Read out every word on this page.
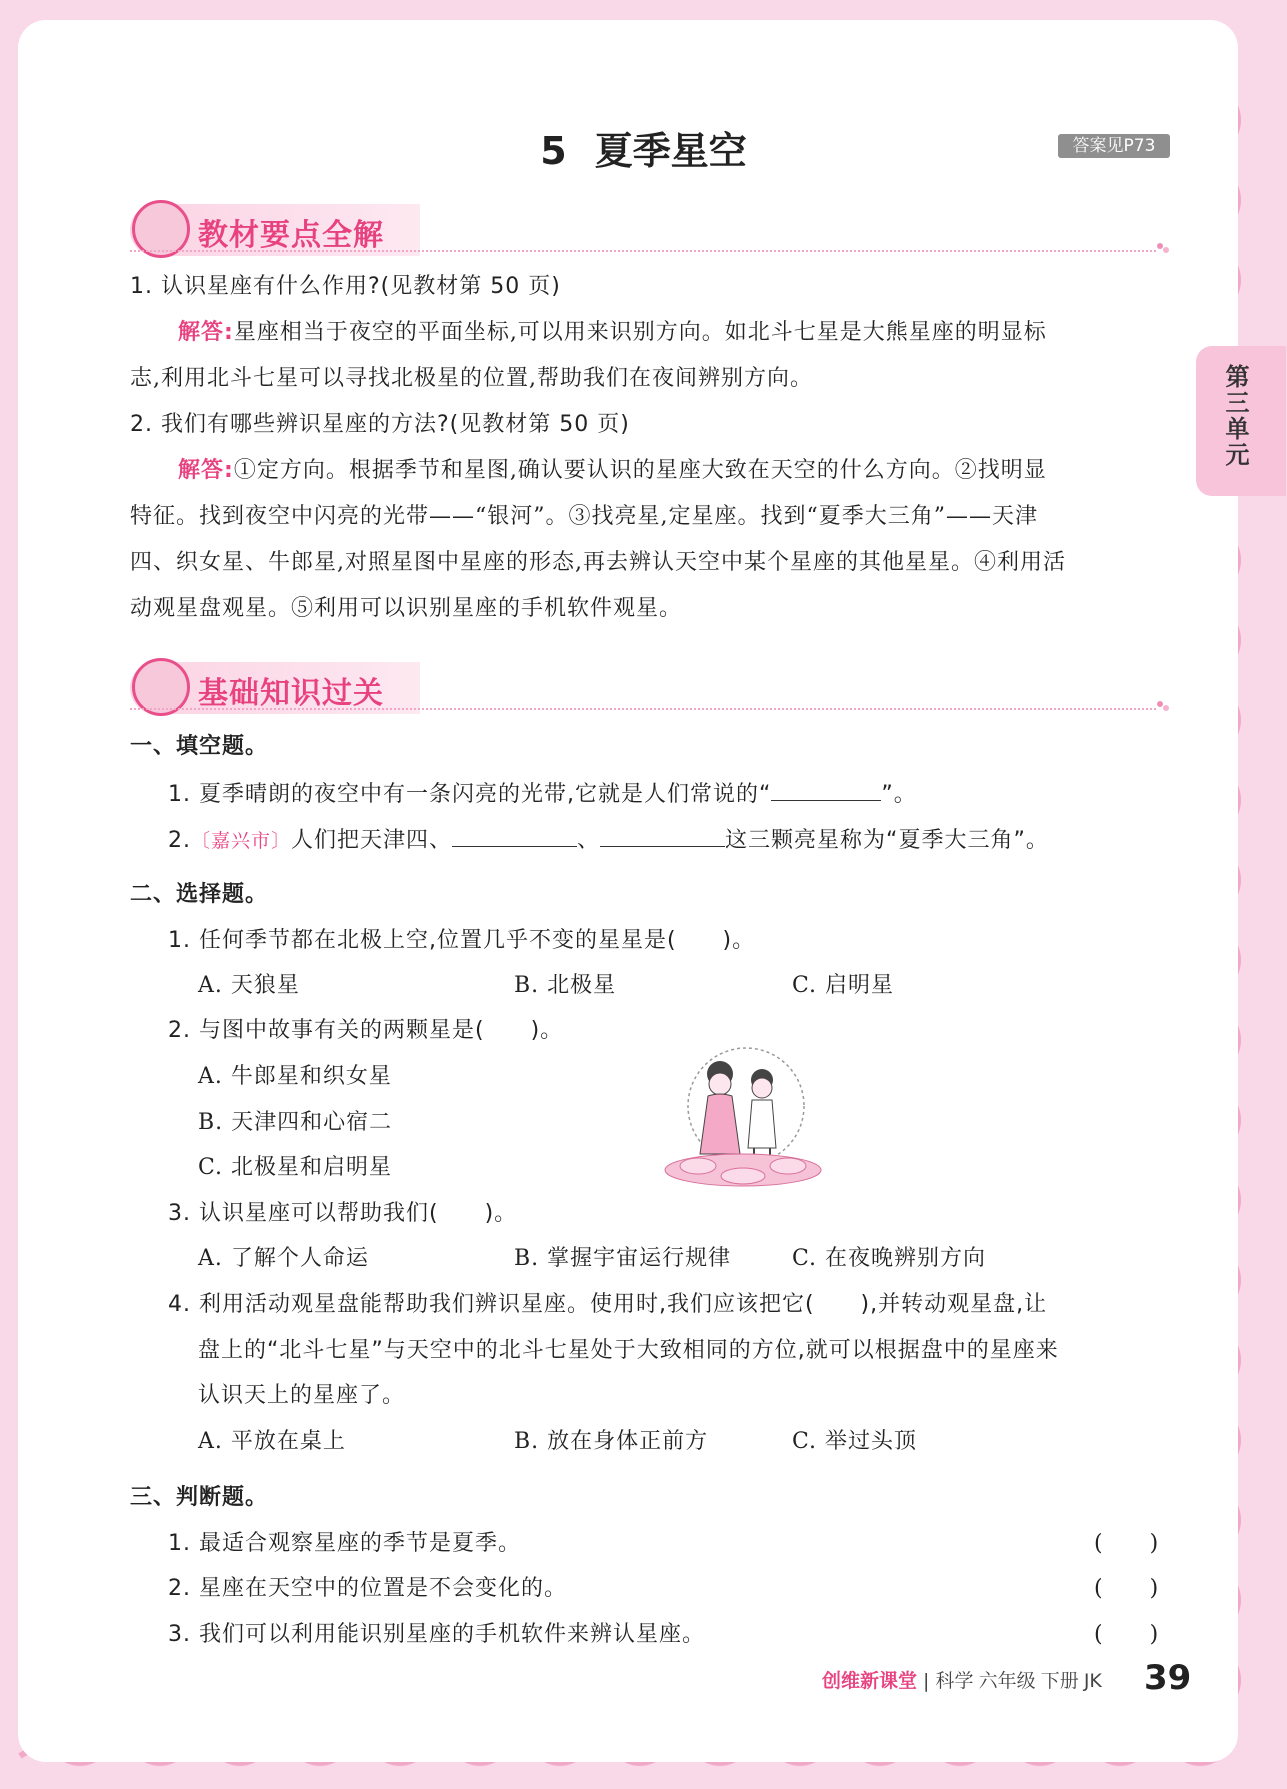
第三单元
5 夏季星空	答案见P73
教材要点全解
1. 认识星座有什么作用?(见教材第 50 页)
解答:星座相当于夜空的平面坐标,可以用来识别方向。如北斗七星是大熊星座的明显标
志,利用北斗七星可以寻找北极星的位置,帮助我们在夜间辨别方向。
2. 我们有哪些辨识星座的方法?(见教材第 50 页)
解答:①定方向。根据季节和星图,确认要认识的星座大致在天空的什么方向。②找明显
特征。找到夜空中闪亮的光带——“银河”。③找亮星,定星座。找到“夏季大三角”——天津
四、织女星、牛郎星,对照星图中星座的形态,再去辨认天空中某个星座的其他星星。④利用活
动观星盘观星。⑤利用可以识别星座的手机软件观星。
基础知识过关
一、填空题。
1. 夏季晴朗的夜空中有一条闪亮的光带,它就是人们常说的“	”。
2.〔嘉兴市〕人们把天津四、	、	这三颗亮星称为“夏季大三角”。
二、选择题。
1. 任何季节都在北极上空,位置几乎不变的星星是(　　)。
A. 天狼星	B. 北极星	C. 启明星
2. 与图中故事有关的两颗星是(　　)。
A. 牛郎星和织女星
B. 天津四和心宿二
C. 北极星和启明星
3. 认识星座可以帮助我们(　　)。
A. 了解个人命运	B. 掌握宇宙运行规律	C. 在夜晚辨别方向
4. 利用活动观星盘能帮助我们辨识星座。使用时,我们应该把它(　　),并转动观星盘,让
盘上的“北斗七星”与天空中的北斗七星处于大致相同的方位,就可以根据盘中的星座来
认识天上的星座了。
A. 平放在桌上	B. 放在身体正前方	C. 举过头顶
三、判断题。
1. 最适合观察星座的季节是夏季。	(　　)
2. 星座在天空中的位置是不会变化的。	(　　)
3. 我们可以利用能识别星座的手机软件来辨认星座。	(　　)
创维新课堂 | 科学 六年级 下册 JK 39
